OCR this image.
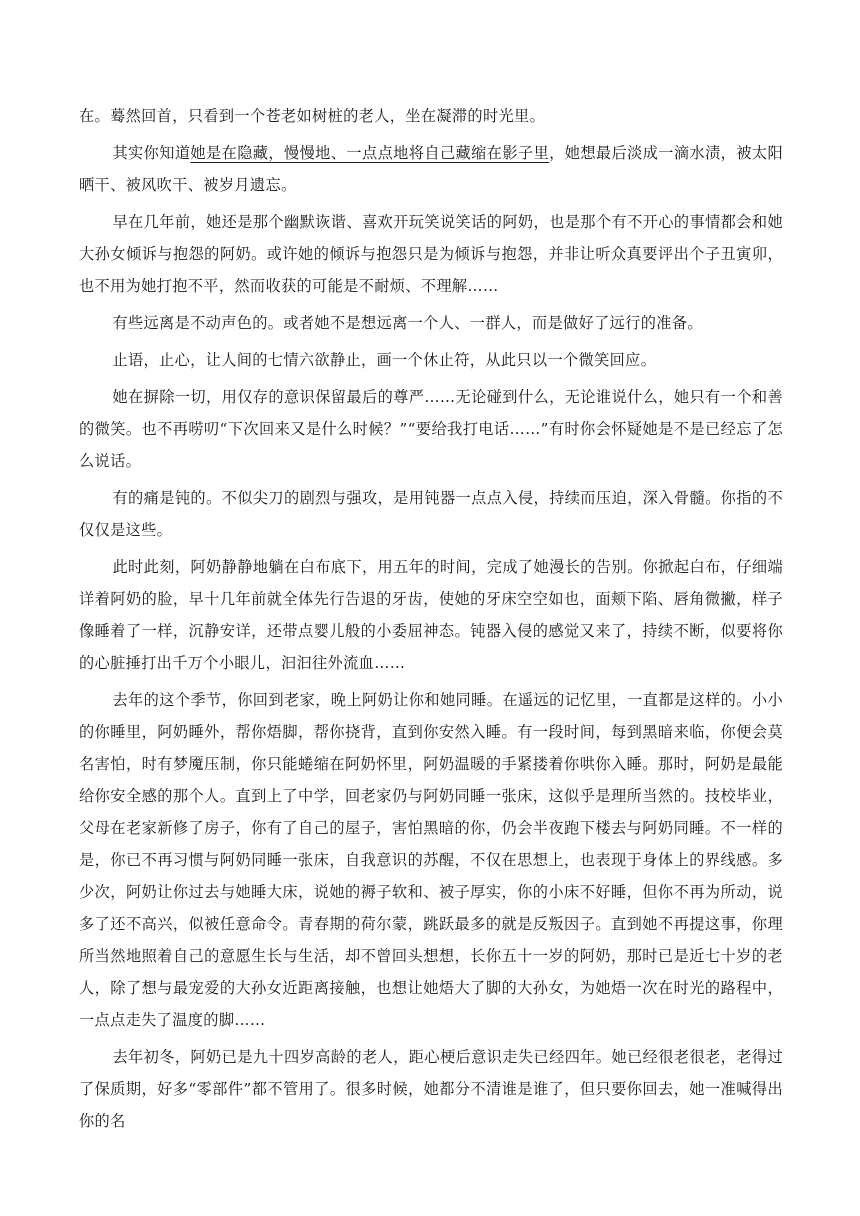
在。蓦然回首，只看到一个苍老如树桩的老人，坐在凝滞的时光里。

其实你知道她是在隐藏，慢慢地、一点点地将自己藏缩在影子里，她想最后淡成一滴水渍，被太阳晒干、被风吹干、被岁月遗忘。

早在几年前，她还是那个幽默诙谐、喜欢开玩笑说笑话的阿奶，也是那个有不开心的事情都会和她大孙女倾诉与抱怨的阿奶。或许她的倾诉与抱怨只是为倾诉与抱怨，并非让听众真要评出个子丑寅卯，也不用为她打抱不平，然而收获的可能是不耐烦、不理解……

有些远离是不动声色的。或者她不是想远离一个人、一群人，而是做好了远行的准备。

止语，止心，让人间的七情六欲静止，画一个休止符，从此只以一个微笑回应。

她在摒除一切，用仅存的意识保留最后的尊严……无论碰到什么，无论谁说什么，她只有一个和善的微笑。也不再唠叨“下次回来又是什么时候？”“要给我打电话……”有时你会怀疑她是不是已经忘了怎么说话。

有的痛是钝的。不似尖刀的剧烈与强攻，是用钝器一点点入侵，持续而压迫，深入骨髓。你指的不仅仅是这些。

此时此刻，阿奶静静地躺在白布底下，用五年的时间，完成了她漫长的告别。你掀起白布，仔细端详着阿奶的脸，早十几年前就全体先行告退的牙齿，使她的牙床空空如也，面颊下陷、唇角微撇，样子像睡着了一样，沉静安详，还带点婴儿般的小委屈神态。钝器入侵的感觉又来了，持续不断，似要将你的心脏捶打出千万个小眼儿，汩汩往外流血……

去年的这个季节，你回到老家，晚上阿奶让你和她同睡。在遥远的记忆里，一直都是这样的。小小的你睡里，阿奶睡外，帮你焐脚，帮你挠背，直到你安然入睡。有一段时间，每到黑暗来临，你便会莫名害怕，时有梦魇压制，你只能蜷缩在阿奶怀里，阿奶温暖的手紧搂着你哄你入睡。那时，阿奶是最能给你安全感的那个人。直到上了中学，回老家仍与阿奶同睡一张床，这似乎是理所当然的。技校毕业，父母在老家新修了房子，你有了自己的屋子，害怕黑暗的你，仍会半夜跑下楼去与阿奶同睡。不一样的是，你已不再习惯与阿奶同睡一张床，自我意识的苏醒，不仅在思想上，也表现于身体上的界线感。多少次，阿奶让你过去与她睡大床，说她的褥子软和、被子厚实，你的小床不好睡，但你不再为所动，说多了还不高兴，似被任意命令。青春期的荷尔蒙，跳跃最多的就是反叛因子。直到她不再提这事，你理所当然地照着自己的意愿生长与生活，却不曾回头想想，长你五十一岁的阿奶，那时已是近七十岁的老人，除了想与最宠爱的大孙女近距离接触，也想让她焐大了脚的大孙女，为她焐一次在时光的路程中，一点点走失了温度的脚……

去年初冬，阿奶已是九十四岁高龄的老人，距心梗后意识走失已经四年。她已经很老很老，老得过了保质期，好多“零部件”都不管用了。很多时候，她都分不清谁是谁了，但只要你回去，她一准喊得出你的名
